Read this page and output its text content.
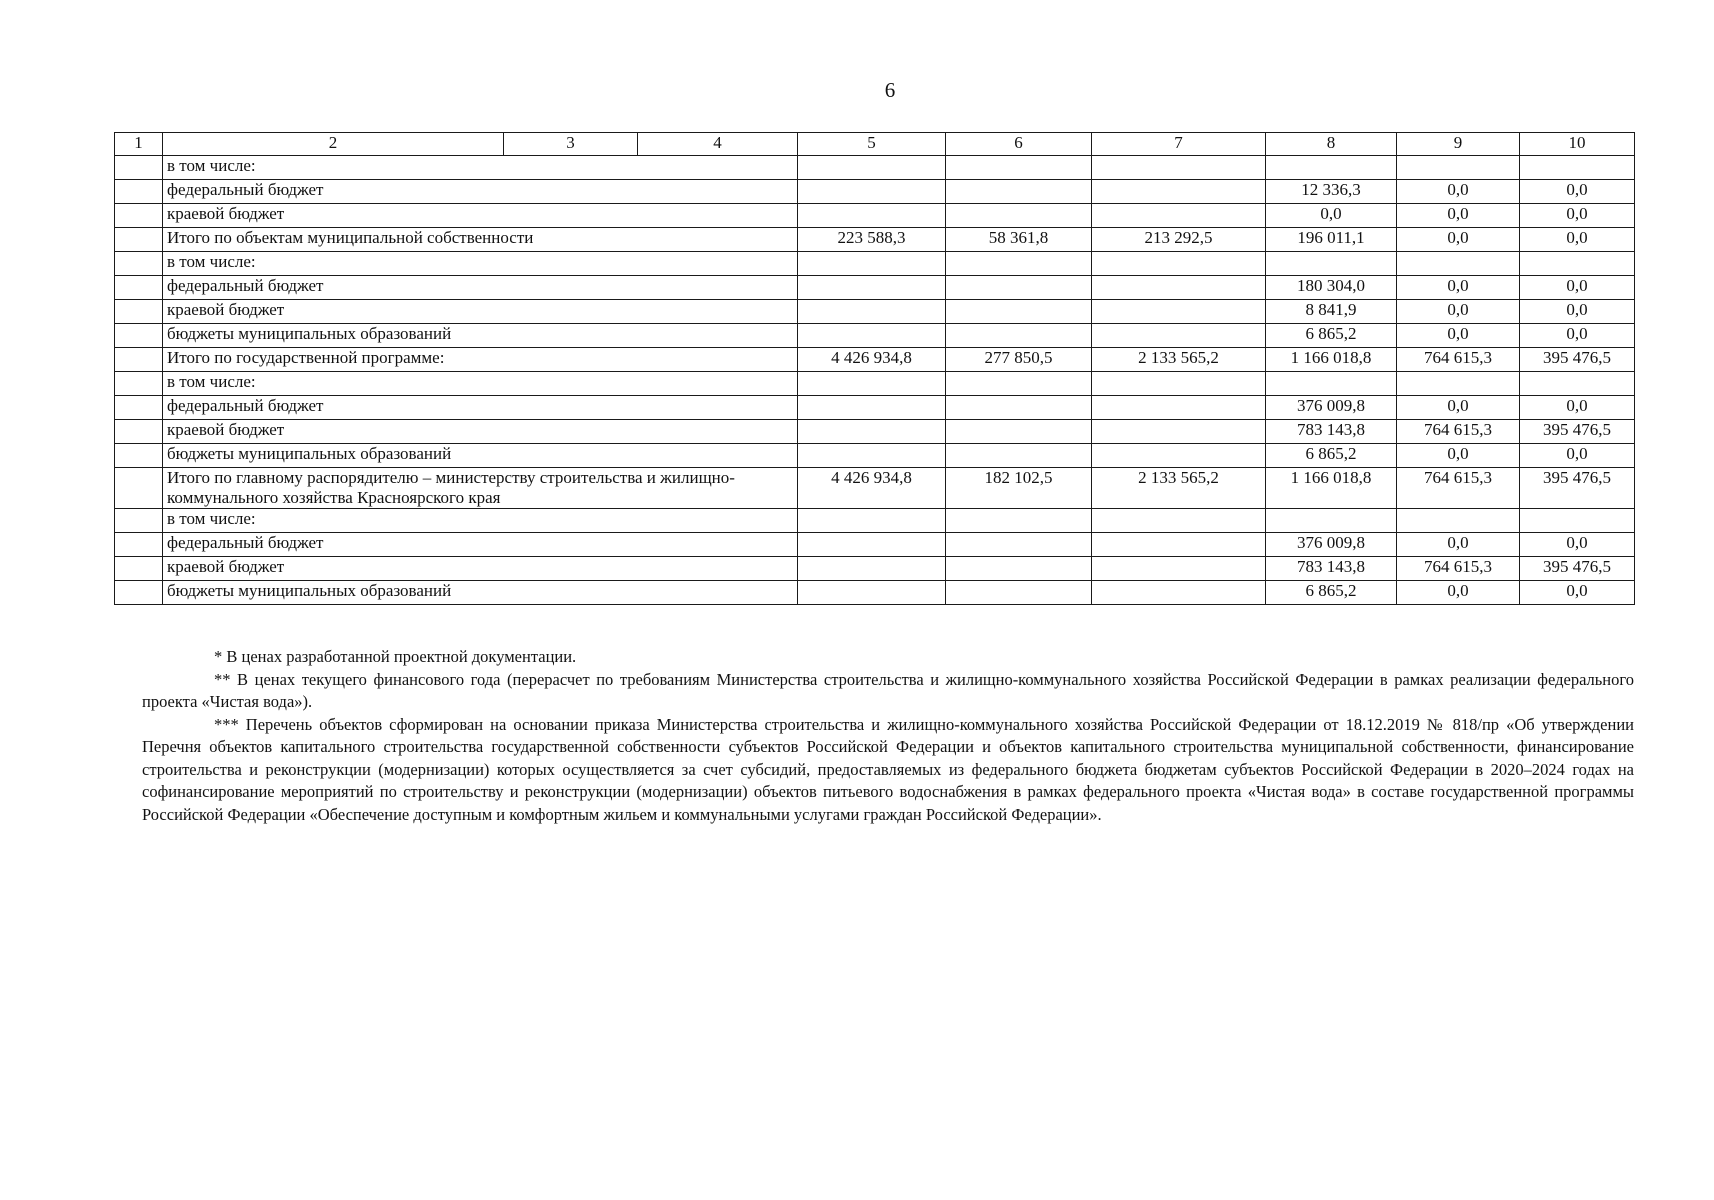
6
1	2	3	4	5	6	7	8	9	10
	в том числе:								
	федеральный бюджет						12 336,3	0,0	0,0
	краевой бюджет						0,0	0,0	0,0
	Итого по объектам муниципальной собственности			223 588,3	58 361,8	213 292,5	196 011,1	0,0	0,0
	в том числе:								
	федеральный бюджет						180 304,0	0,0	0,0
	краевой бюджет						8 841,9	0,0	0,0
	бюджеты муниципальных образований						6 865,2	0,0	0,0
	Итого по государственной программе:			4 426 934,8	277 850,5	2 133 565,2	1 166 018,8	764 615,3	395 476,5
	в том числе:								
	федеральный бюджет						376 009,8	0,0	0,0
	краевой бюджет						783 143,8	764 615,3	395 476,5
	бюджеты муниципальных образований						6 865,2	0,0	0,0
	Итого по главному распорядителю – министерству строительства и жилищно-коммунального хозяйства Красноярского края			4 426 934,8	182 102,5	2 133 565,2	1 166 018,8	764 615,3	395 476,5
	в том числе:								
	федеральный бюджет						376 009,8	0,0	0,0
	краевой бюджет						783 143,8	764 615,3	395 476,5
	бюджеты муниципальных образований						6 865,2	0,0	0,0

* В ценах разработанной проектной документации.

** В ценах текущего финансового года (перерасчет по требованиям Министерства строительства и жилищно-коммунального хозяйства Российской Федерации в рамках реализации федерального проекта «Чистая вода»).

*** Перечень объектов сформирован на основании приказа Министерства строительства и жилищно-коммунального хозяйства Российской Федерации от 18.12.2019 № 818/пр «Об утверждении Перечня объектов капитального строительства государственной собственности субъектов Российской Федерации и объектов капитального строительства муниципальной собственности, финансирование строительства и реконструкции (модернизации) которых осуществляется за счет субсидий, предоставляемых из федерального бюджета бюджетам субъектов Российской Федерации в 2020–2024 годах на софинансирование мероприятий по строительству и реконструкции (модернизации) объектов питьевого водоснабжения в рамках федерального проекта «Чистая вода» в составе государственной программы Российской Федерации «Обеспечение доступным и комфортным жильем и коммунальными услугами граждан Российской Федерации».
